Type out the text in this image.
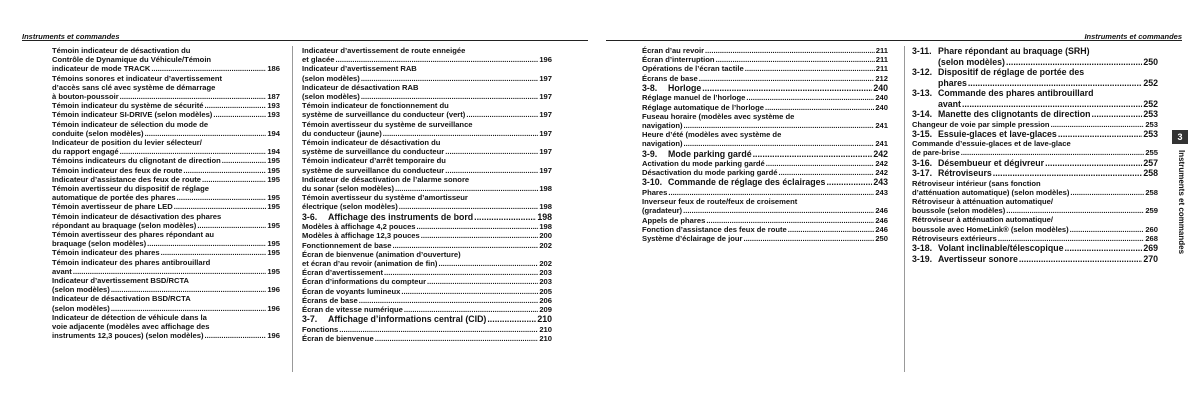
Instruments et commandes
Témoin indicateur de désactivation du
Contrôle de Dynamique du Véhicule/Témoin
indicateur de mode TRACK .....	186
Témoins sonores et indicateur d’avertissement
d’accès sans clé avec système de démarrage
à bouton-poussoir .....	187
Témoin indicateur du système de sécurité .....	193
Témoin indicateur SI-DRIVE (selon modèles) .....	193
Témoin indicateur de sélection du mode de
conduite (selon modèles) .....	194
Indicateur de position du levier sélecteur/
du rapport engagé .....	194
Témoins indicateurs du clignotant de direction .....	195
Témoin indicateur des feux de route .....	195
Indicateur d’assistance des feux de route .....	195
Témoin avertisseur du dispositif de réglage
automatique de portée des phares .....	195
Témoin avertisseur de phare LED .....	195
Témoin indicateur de désactivation des phares
répondant au braquage (selon modèles) .....	195
Témoin avertisseur des phares répondant au
braquage (selon modèles) .....	195
Témoin indicateur des phares .....	195
Témoin indicateur des phares antibrouillard
avant .....	195
Indicateur d’avertissement BSD/RCTA
(selon modèles) .....	196
Indicateur de désactivation BSD/RCTA
(selon modèles) .....	196
Indicateur de détection de véhicule dans la
voie adjacente (modèles avec affichage des
instruments 12,3 pouces) (selon modèles) .....	196
Indicateur d’avertissement de route enneigée
et glacée .....	196
Indicateur d’avertissement RAB
(selon modèles) .....	197
Indicateur de désactivation RAB
(selon modèles) .....	197
Témoin indicateur de fonctionnement du
système de surveillance du conducteur (vert) .....	197
Témoin avertisseur du système de surveillance
du conducteur (jaune) .....	197
Témoin indicateur de désactivation du
système de surveillance du conducteur .....	197
Témoin indicateur d’arrêt temporaire du
système de surveillance du conducteur .....	197
Indicateur de désactivation de l’alarme sonore
du sonar (selon modèles) .....	198
Témoin avertisseur du système d’amortisseur
électrique (selon modèles) .....	198
3-6.	Affichage des instruments de bord .....	198
Modèles à affichage 4,2 pouces .....	198
Modèles à affichage 12,3 pouces .....	200
Fonctionnement de base .....	202
Écran de bienvenue (animation d’ouverture)
et écran d’au revoir (animation de fin) .....	202
Écran d’avertissement .....	203
Écran d’informations du compteur .....	203
Écran de voyants lumineux .....	205
Écrans de base .....	206
Écran de vitesse numérique .....	209
3-7.	Affichage d’informations central (CID) .....	210
Fonctions .....	210
Écran de bienvenue .....	210
Instruments et commandes
Écran d’au revoir .....	211
Écran d’interruption .....	211
Opérations de l’écran tactile .....	211
Écrans de base .....	212
3-8.	Horloge .....	240
Réglage manuel de l’horloge .....	240
Réglage automatique de l’horloge .....	240
Fuseau horaire (modèles avec système de
navigation) .....	241
Heure d’été (modèles avec système de
navigation) .....	241
3-9.	Mode parking gardé .....	242
Activation du mode parking gardé .....	242
Désactivation du mode parking gardé .....	242
3-10. Commande de réglage des éclairages .....	243
Phares .....	243
Inverseur feux de route/feux de croisement
(gradateur) .....	246
Appels de phares .....	246
Fonction d’assistance des feux de route .....	246
Système d’éclairage de jour .....	250
3-11. Phare répondant au braquage (SRH)
(selon modèles) .....	250
3-12. Dispositif de réglage de portée des
phares .....	252
3-13. Commande des phares antibrouillard
avant .....	252
3-14. Manette des clignotants de direction .....	253
Changeur de voie par simple pression .....	253
3-15. Essuie-glaces et lave-glaces .....	253
Commande d’essuie-glaces et de lave-glace
de pare-brise .....	255
3-16. Désembueur et dégivreur .....	257
3-17. Rétroviseurs .....	258
Rétroviseur intérieur (sans fonction
d’atténuation automatique) (selon modèles) .....	258
Rétroviseur à atténuation automatique/
boussole (selon modèles) .....	259
Rétroviseur à atténuation automatique/
boussole avec HomeLink® (selon modèles) .....	260
Rétroviseurs extérieurs .....	268
3-18. Volant inclinable/télescopique .....	269
3-19. Avertisseur sonore .....	270
3
Instruments et commandes
